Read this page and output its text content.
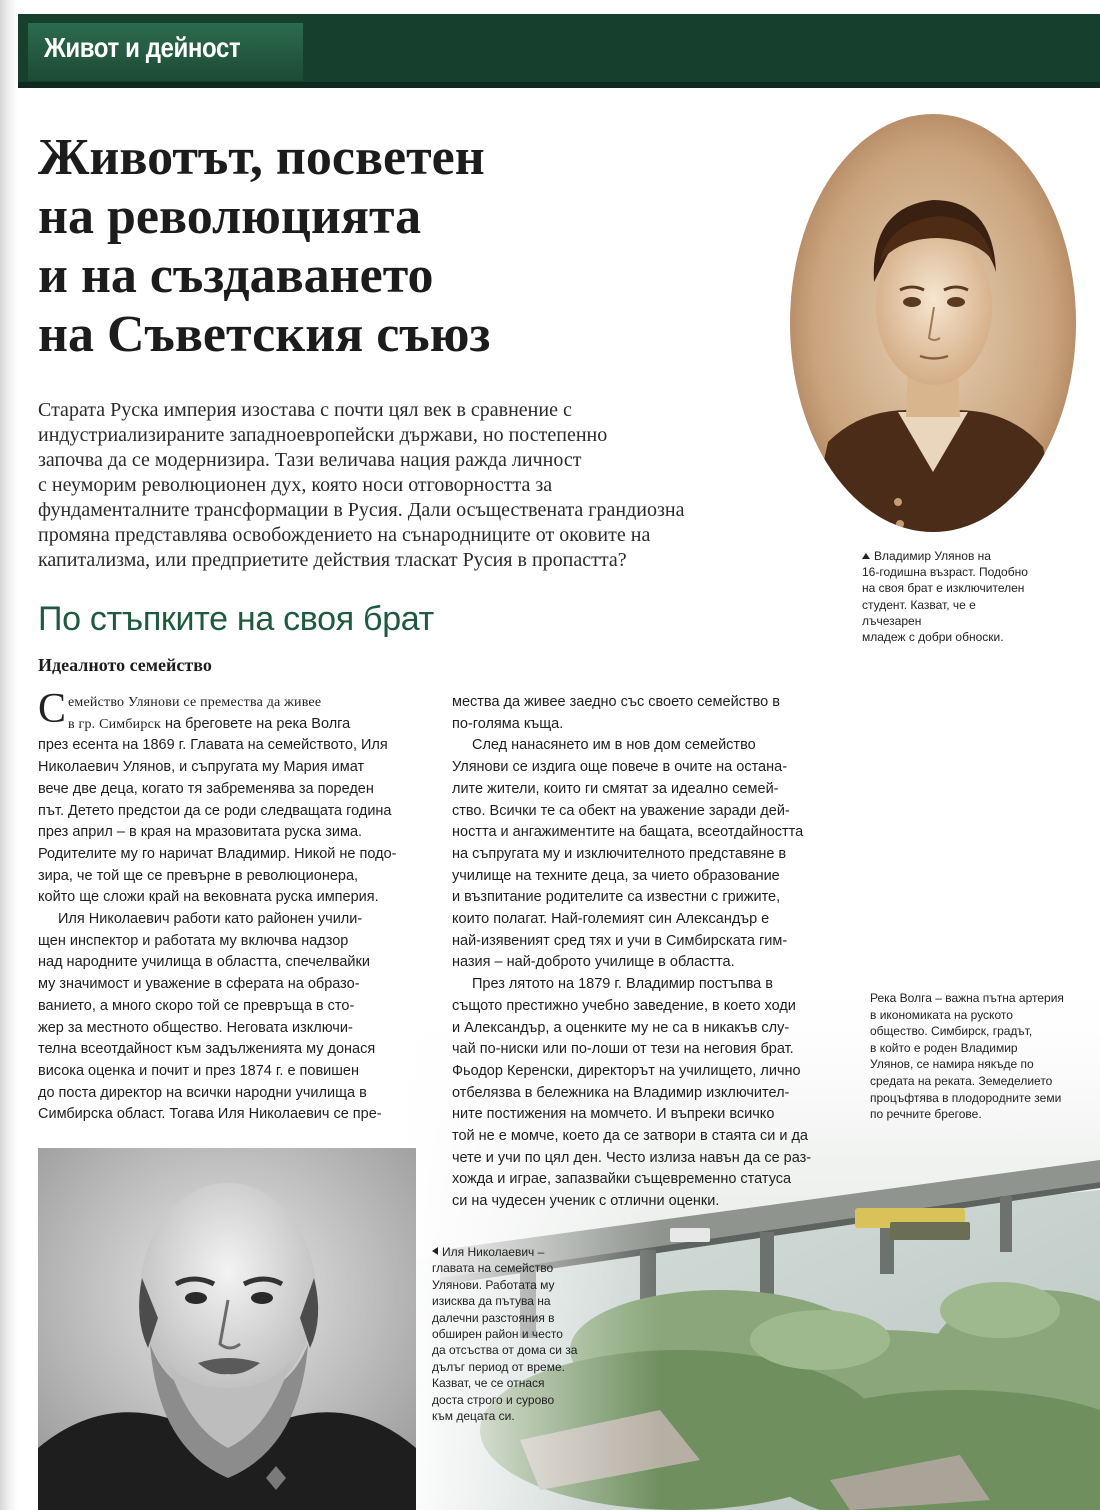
Живот и дейност
Животът, посветен
на революцията
и на създаването
на Съветския съюз
Владимир Улянов на
16-годишна възраст. Подобно
на своя брат е изключителен
студент. Казват, че е лъчезарен
младеж с добри обноски.
Старата Руска империя изостава с почти цял век в сравнение с
индустриализираните западноевропейски държави, но постепенно
започва да се модернизира. Тази величава нация ражда личност
с неуморим революционен дух, която носи отговорността за
фундаменталните трансформации в Русия. Дали осъществената грандиозна
промяна представлява освобождението на сънародниците от оковите на
капитализма, или предприетите действия тласкат Русия в пропастта?
По стъпките на своя брат
Идеалното семейство
С емейство Улянови се премества да живее
в гр. Симбирск на бреговете на река Волга
през есента на 1869 г. Главата на семейството, Иля
Николаевич Улянов, и съпругата му Мария имат
вече две деца, когато тя забременява за пореден
път. Детето предстои да се роди следващата година
през април – в края на мразовитата руска зима.
Родителите му го наричат Владимир. Никой не подо-
зира, че той ще се превърне в революционера,
който ще сложи край на вековната руска империя.
Иля Николаевич работи като районен учили-
щен инспектор и работата му включва надзор
над народните училища в областта, спечелвайки
му значимост и уважение в сферата на образо-
ванието, а много скоро той се превръща в сто-
жер за местното общество. Неговата изключи-
телна всеотдайност към задълженията му донася
висока оценка и почит и през 1874 г. е повишен
до поста директор на всички народни училища в
Симбирска област. Тогава Иля Николаевич се пре-
мества да живее заедно със своето семейство в
по-голяма къща.
След нанасянето им в нов дом семейство
Улянови се издига още повече в очите на остана-
лите жители, които ги смятат за идеално семей-
ство. Всички те са обект на уважение заради дей-
ността и ангажиментите на бащата, всеотдайността
на съпругата му и изключителното представяне в
училище на техните деца, за чието образование
и възпитание родителите са известни с грижите,
които полагат. Най-големият син Александър е
най-изявеният сред тях и учи в Симбирската гим-
назия – най-доброто училище в областта.
През лятото на 1879 г. Владимир постъпва в
същото престижно учебно заведение, в което ходи
и Александър, а оценките му не са в никакъв слу-
чай по-ниски или по-лоши от тези на неговия брат.
Фьодор Керенски, директорът на училището, лично
отбелязва в бележника на Владимир изключител-
ните постижения на момчето. И въпреки всичко
той не е момче, което да се затвори в стаята си и да
чете и учи по цял ден. Често излиза навън да се раз-
хожда и играе, запазвайки същевременно статуса
си на чудесен ученик с отлични оценки.
Река Волга – важна пътна артерия
в икономиката на руското
общество. Симбирск, градът,
в който е роден Владимир
Улянов, се намира някъде по
средата на реката. Земеделието
процъфтява в плодородните земи
по речните брегове.
Иля Николаевич –
главата на семейство
Улянови. Работата му
изисква да пътува на
далечни разстояния в
обширен район и често
да отсъства от дома си за
дълъг период от време.
Казват, че се отнася
доста строго и сурово
към децата си.
